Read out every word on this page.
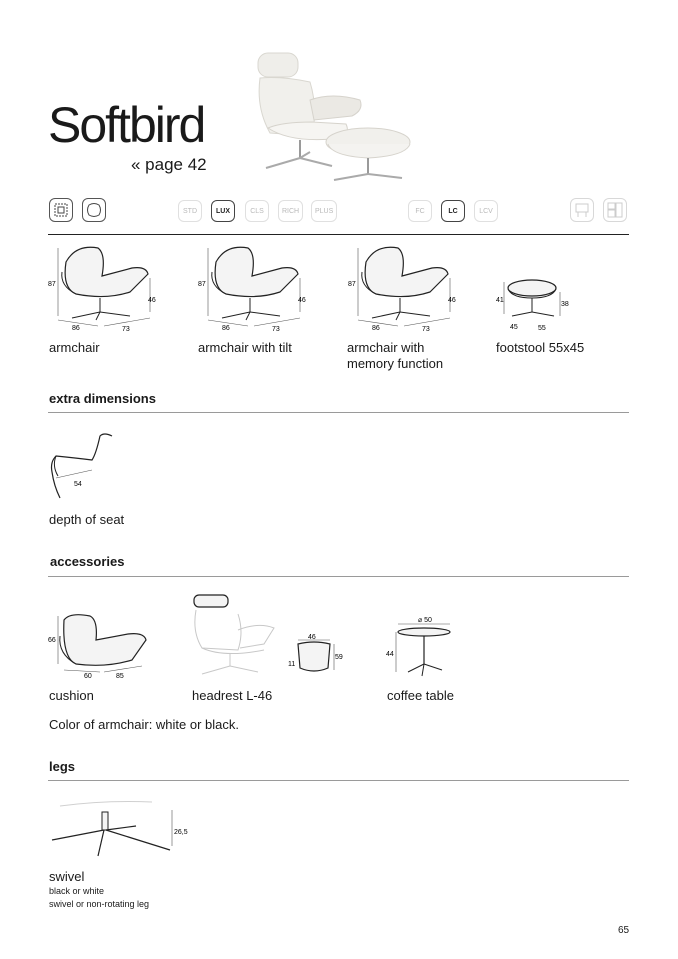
Softbird
« page 42
STD	LUX	CLS	RICH	PLUS	FC	LC	LCV
87
46
86	73
87
46
86	73
87
46
86	73
41
38
45	55
armchair	armchair with tilt	armchair with
memory function
footstool 55x45
extra dimensions
54
depth of seat
accessories
66
60	85
46
59
11
⌀ 50
44
cushion	headrest L-46	coffee table
Color of armchair: white or black.
legs
26,5
swivel
black or white
swivel or non-rotating leg
65
